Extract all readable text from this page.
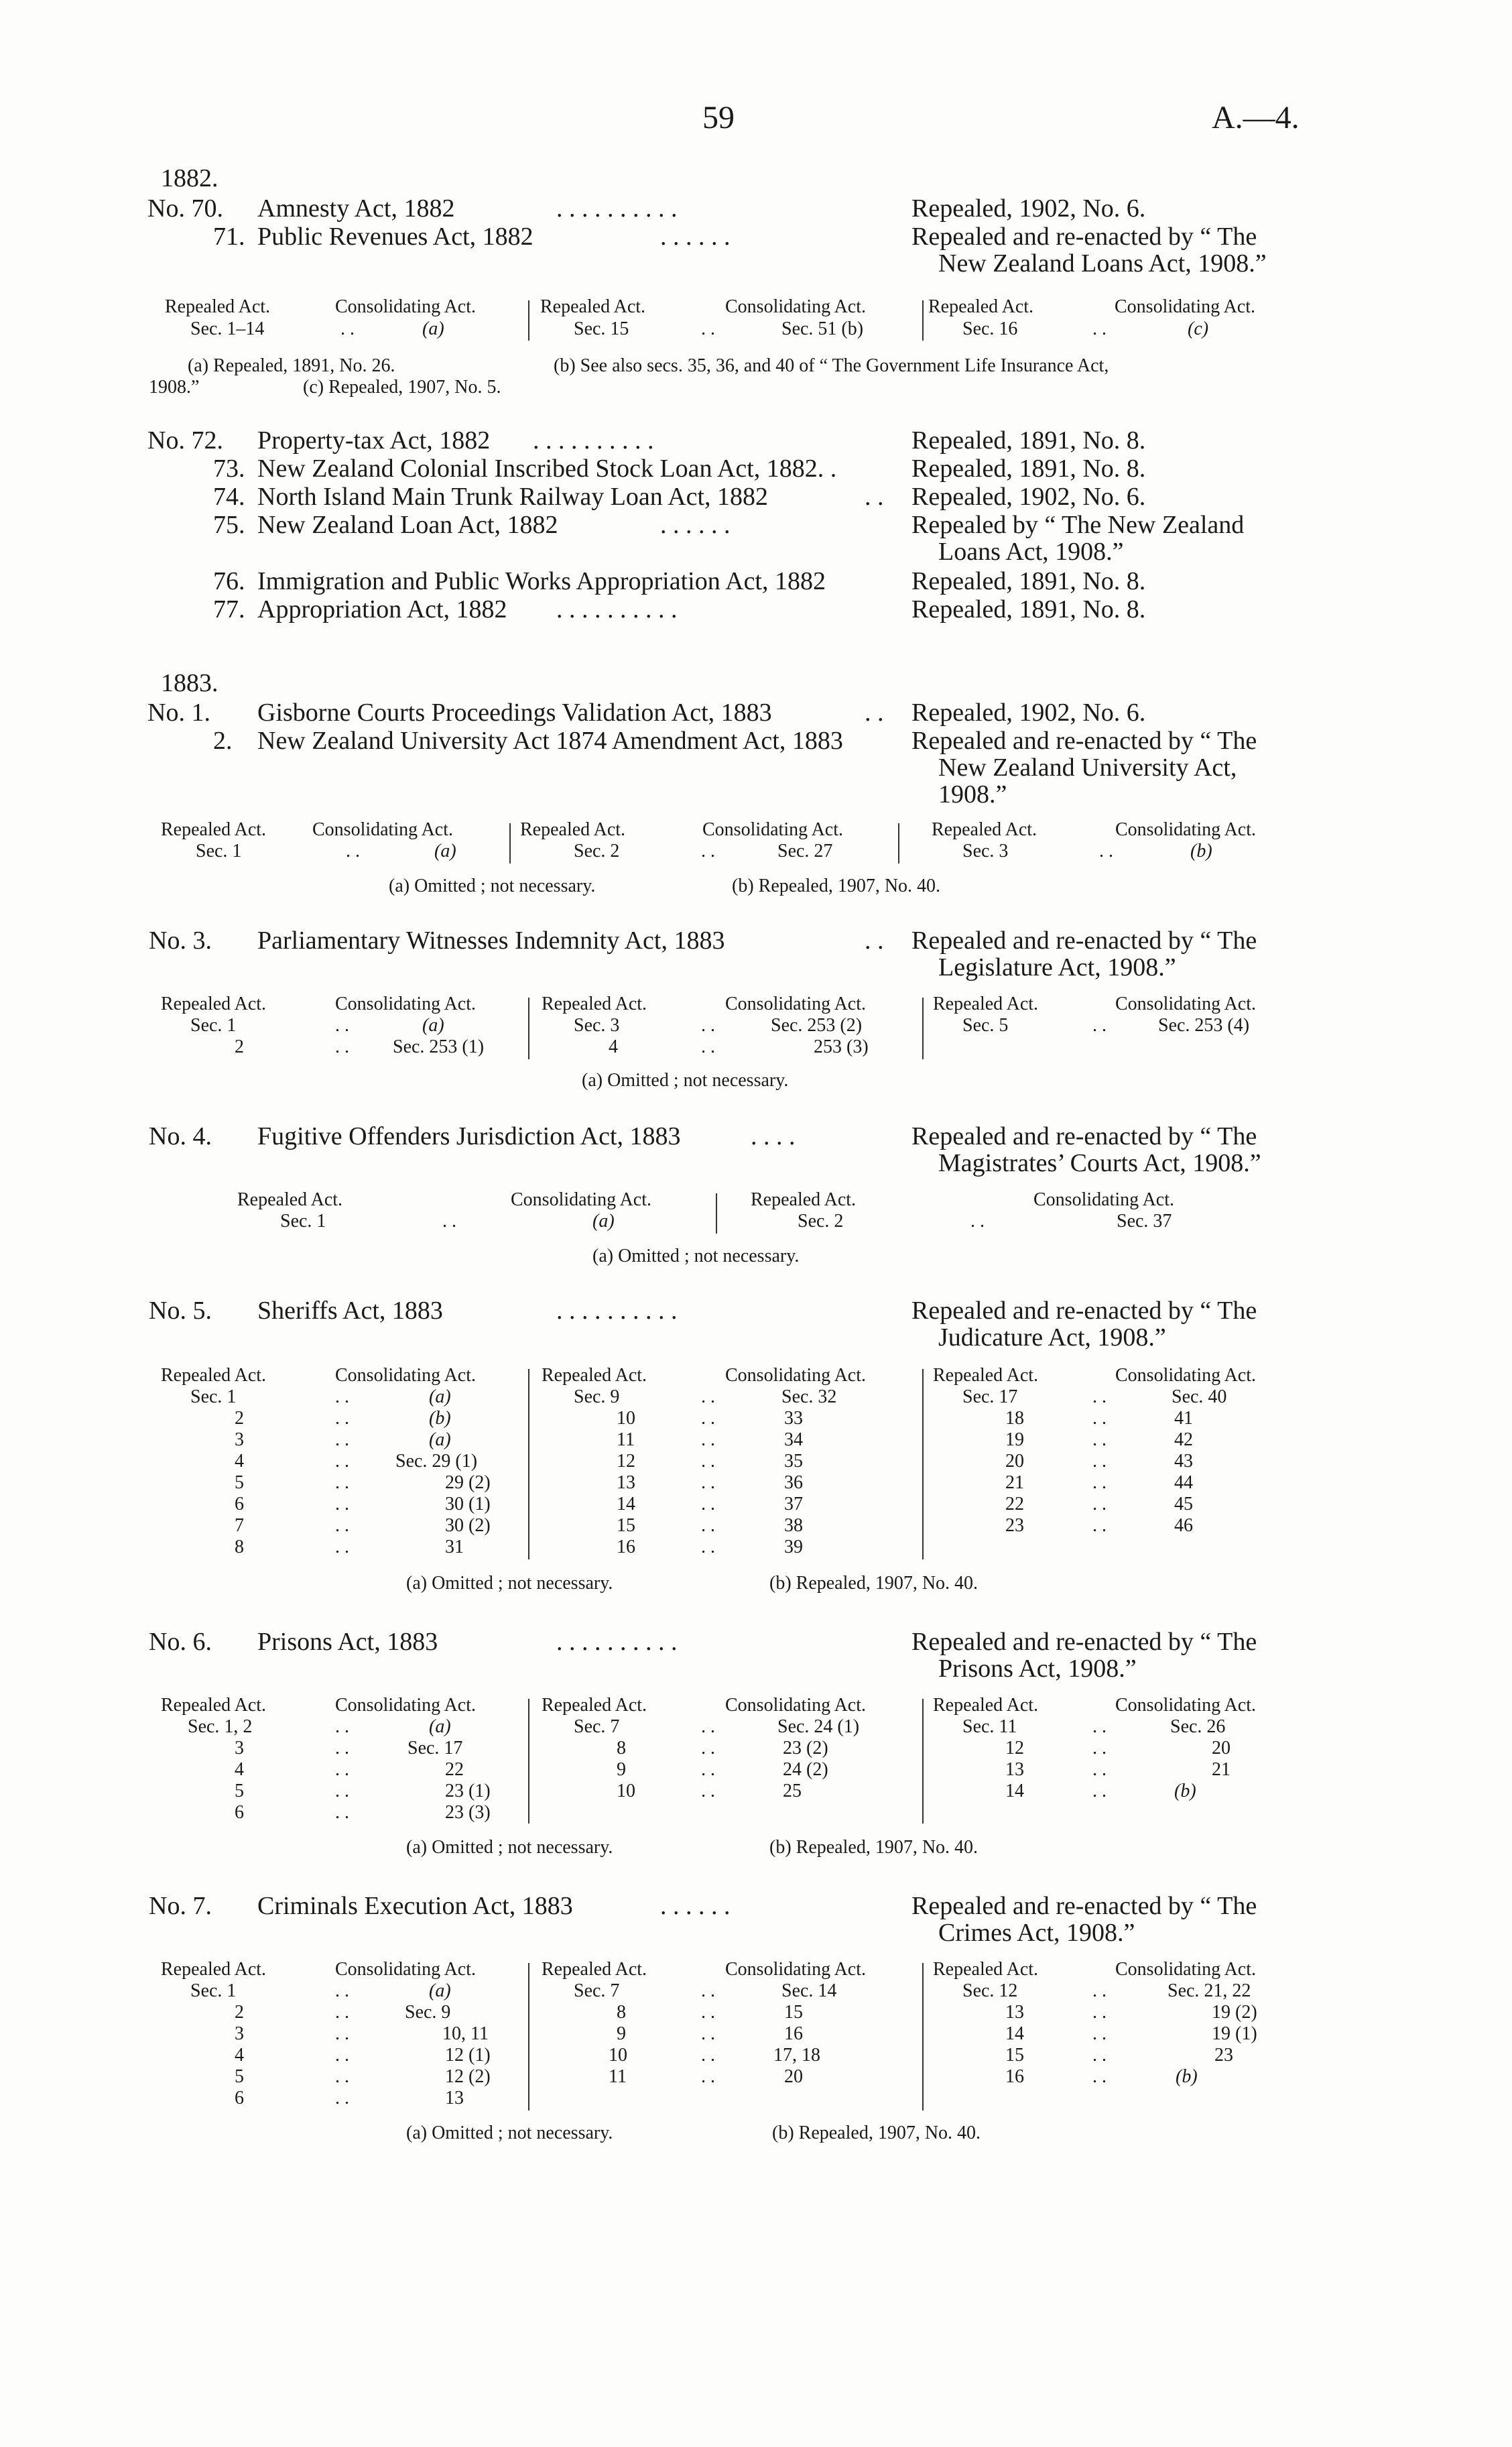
59	A.—4.
1882.
No. 70. Amnesty Act, 1882	. . . . . . . . . .	Repealed, 1902, No. 6.
71. Public Revenues Act, 1882	. . . . . .	Repealed and re-enacted by “ The
New Zealand Loans Act, 1908.”
Repealed Act.	Consolidating Act.	Repealed Act.	Consolidating Act.	Repealed Act.	Consolidating Act.
Sec. 1–14	. .	(a)	Sec. 15	. .	Sec. 51 (b)	Sec. 16	. .	(c)
(a) Repealed, 1891, No. 26.	(b) See also secs. 35, 36, and 40 of “ The Government Life Insurance Act,
1908.”	(c) Repealed, 1907, No. 5.
No. 72. Property-tax Act, 1882 . . . . . . . . . .	Repealed, 1891, No. 8.
73. New Zealand Colonial Inscribed Stock Loan Act, 1882. .	Repealed, 1891, No. 8.
74. North Island Main Trunk Railway Loan Act, 1882	. . Repealed, 1902, No. 6.
75. New Zealand Loan Act, 1882	. . . . . .	Repealed by “ The New Zealand
Loans Act, 1908.”
76. Immigration and Public Works Appropriation Act, 1882	Repealed, 1891, No. 8.
77. Appropriation Act, 1882 . . . . . . . . . .	Repealed, 1891, No. 8.
1883.
No. 1. Gisborne Courts Proceedings Validation Act, 1883	. . Repealed, 1902, No. 6.
2. New Zealand University Act 1874 Amendment Act, 1883	Repealed and re-enacted by “ The
New Zealand University Act,
1908.”
Repealed Act. Consolidating Act.	Repealed Act.	Consolidating Act.	Repealed Act.	Consolidating Act.
Sec. 1	. .	(a)	Sec. 2	. .	Sec. 27	Sec. 3	. .	(b)
(a) Omitted ; not necessary.	(b) Repealed, 1907, No. 40.
No. 3. Parliamentary Witnesses Indemnity Act, 1883	. . Repealed and re-enacted by “ The
Legislature Act, 1908.”
Repealed Act.	Consolidating Act.	Repealed Act.	Consolidating Act.	Repealed Act.	Consolidating Act.
Sec. 1	. .	(a)
2	. . Sec. 253 (1)
Sec. 3	. .	Sec. 253 (2)
4	. .	253 (3)
Sec. 5	. .	Sec. 253 (4)
(a) Omitted ; not necessary.
No. 4. Fugitive Offenders Jurisdiction Act, 1883	. . . .	Repealed and re-enacted by “ The
Magistrates’ Courts Act, 1908.”
Repealed Act.	Consolidating Act.	Repealed Act.	Consolidating Act.
Sec. 1	. .	(a)	Sec. 2	. .	Sec. 37
(a) Omitted ; not necessary.
No. 5. Sheriffs Act, 1883	. . . . . . . . . .	Repealed and re-enacted by “ The
Judicature Act, 1908.”
Repealed Act.	Consolidating Act.	Repealed Act.	Consolidating Act.	Repealed Act.	Consolidating Act.
Sec. 1	. .	(a)
2	. .	(b)
3	. .	(a)
4	. . Sec. 29 (1)
5	. .	29 (2)
6	. .	30 (1)
7	. .	30 (2)
8	. .	31
Sec. 9	. .	Sec. 32
10	. .	33
11	. .	34
12	. .	35
13	. .	36
14	. .	37
15	. .	38
16	. .	39
Sec. 17	. .	Sec. 40
18	. .	41
19	. .	42
20	. .	43
21	. .	44
22	. .	45
23	. .	46
(a) Omitted ; not necessary.	(b) Repealed, 1907, No. 40.
No. 6. Prisons Act, 1883	. . . . . . . . . .	Repealed and re-enacted by “ The
Prisons Act, 1908.”
Repealed Act.	Consolidating Act.	Repealed Act.	Consolidating Act.	Repealed Act.	Consolidating Act.
Sec. 1, 2	. .	(a)
3	. .	Sec. 17
4	. .	22
5	. .	23 (1)
6	. .	23 (3)
Sec. 7	. .	Sec. 24 (1)
8	. .	23 (2)
9	. .	24 (2)
10	. .	25
Sec. 11	. .	Sec. 26
12	. .	20
13	. .	21
14	. .	(b)
(a) Omitted ; not necessary.	(b) Repealed, 1907, No. 40.
No. 7. Criminals Execution Act, 1883	. . . . . .	Repealed and re-enacted by “ The
Crimes Act, 1908.”
Repealed Act.	Consolidating Act.	Repealed Act.	Consolidating Act.	Repealed Act.	Consolidating Act.
Sec. 1	. .	(a)
2	. .	Sec. 9
3	. .	10, 11
4	. .	12 (1)
5	. .	12 (2)
6	. .	13
Sec. 7	. .	Sec. 14
8	. .	15
9	. .	16
10	. .	17, 18
11	. .	20
Sec. 12	. .	Sec. 21, 22
13	. .	19 (2)
14	. .	19 (1)
15	. .	23
16	. .	(b)
(a) Omitted ; not necessary.	(b) Repealed, 1907, No. 40.
